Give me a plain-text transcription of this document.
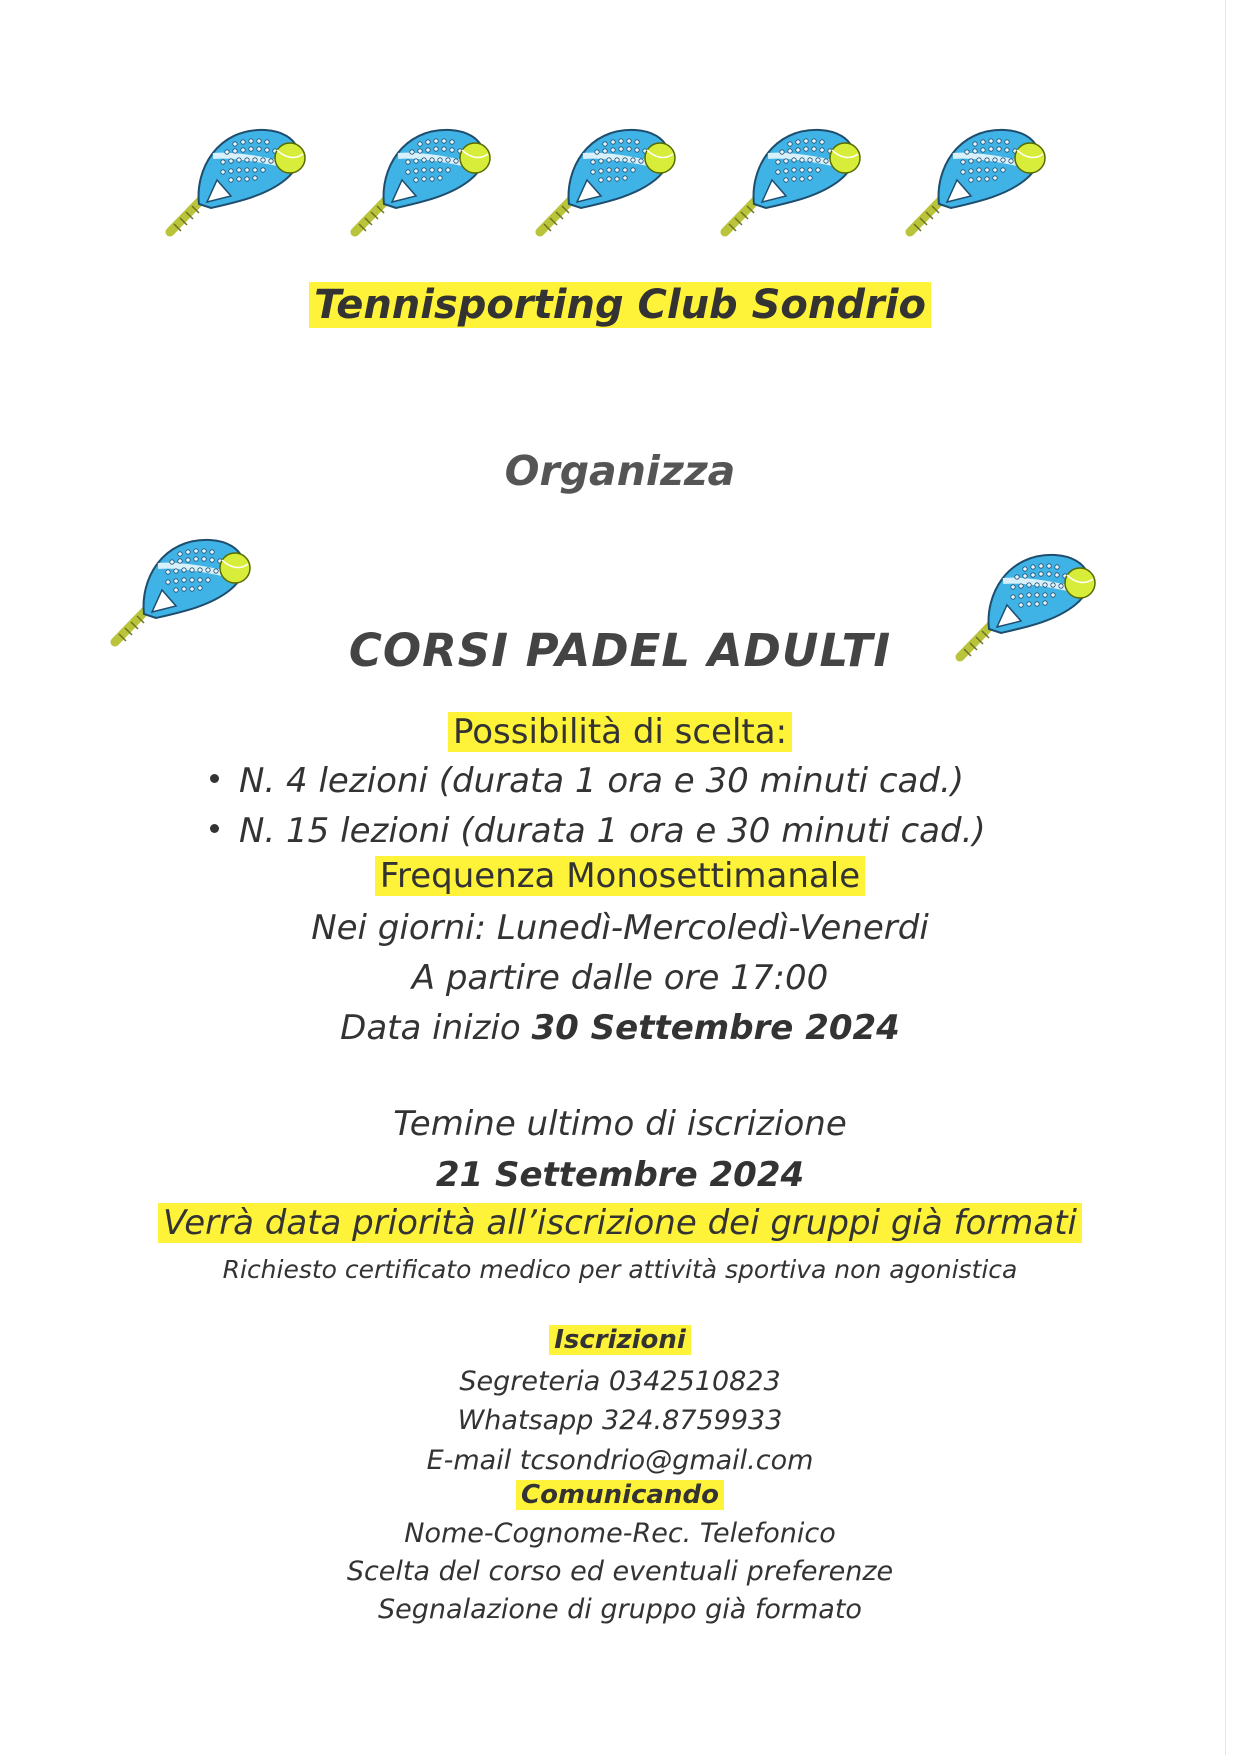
Tennisporting Club Sondrio
Organizza
CORSI PADEL ADULTI
Possibilità di scelta:
N. 4 lezioni (durata 1 ora e 30 minuti cad.)
N. 15 lezioni (durata 1 ora e 30 minuti cad.)
Frequenza Monosettimanale
Nei giorni: Lunedì-Mercoledì-Venerdi
A partire dalle ore 17:00
Data inizio 30 Settembre 2024
Temine ultimo di iscrizione
21 Settembre 2024
Verrà data priorità all’iscrizione dei gruppi già formati
Richiesto certificato medico per attività sportiva non agonistica
Iscrizioni
Segreteria 0342510823
Whatsapp 324.8759933
E-mail tcsondrio@gmail.com
Comunicando
Nome-Cognome-Rec. Telefonico
Scelta del corso ed eventuali preferenze
Segnalazione di gruppo già formato
